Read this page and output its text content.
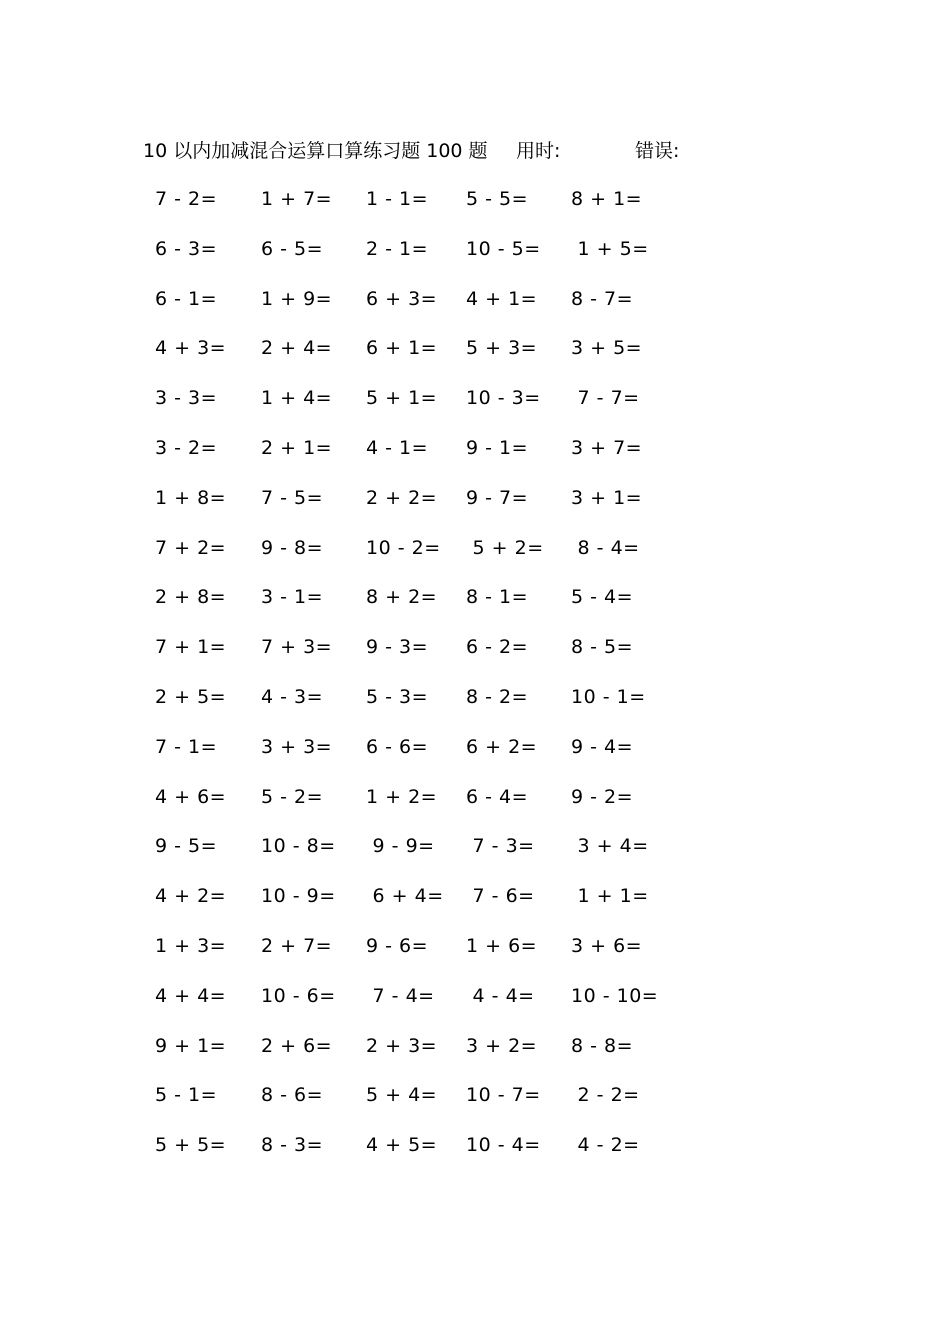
10 以内加减混合运算口算练习题 100 题 用时:	错误:
7 - 2= 1 + 7= 1 - 1= 5 - 5= 8 + 1=
6 - 3= 6 - 5= 2 - 1= 10 - 5= 1 + 5=
6 - 1= 1 + 9= 6 + 3= 4 + 1= 8 - 7=
4 + 3= 2 + 4= 6 + 1= 5 + 3= 3 + 5=
3 - 3= 1 + 4= 5 + 1= 10 - 3= 7 - 7=
3 - 2= 2 + 1= 4 - 1= 9 - 1= 3 + 7=
1 + 8= 7 - 5= 2 + 2= 9 - 7= 3 + 1=
7 + 2= 9 - 8= 10 - 2= 5 + 2= 8 - 4=
2 + 8= 3 - 1= 8 + 2= 8 - 1= 5 - 4=
7 + 1= 7 + 3= 9 - 3= 6 - 2= 8 - 5=
2 + 5= 4 - 3= 5 - 3= 8 - 2= 10 - 1=
7 - 1= 3 + 3= 6 - 6= 6 + 2= 9 - 4=
4 + 6= 5 - 2= 1 + 2= 6 - 4= 9 - 2=
9 - 5= 10 - 8= 9 - 9= 7 - 3= 3 + 4=
4 + 2= 10 - 9= 6 + 4= 7 - 6= 1 + 1=
1 + 3= 2 + 7= 9 - 6= 1 + 6= 3 + 6=
4 + 4= 10 - 6= 7 - 4= 4 - 4= 10 - 10=
9 + 1= 2 + 6= 2 + 3= 3 + 2= 8 - 8=
5 - 1= 8 - 6= 5 + 4= 10 - 7= 2 - 2=
5 + 5= 8 - 3= 4 + 5= 10 - 4= 4 - 2=
